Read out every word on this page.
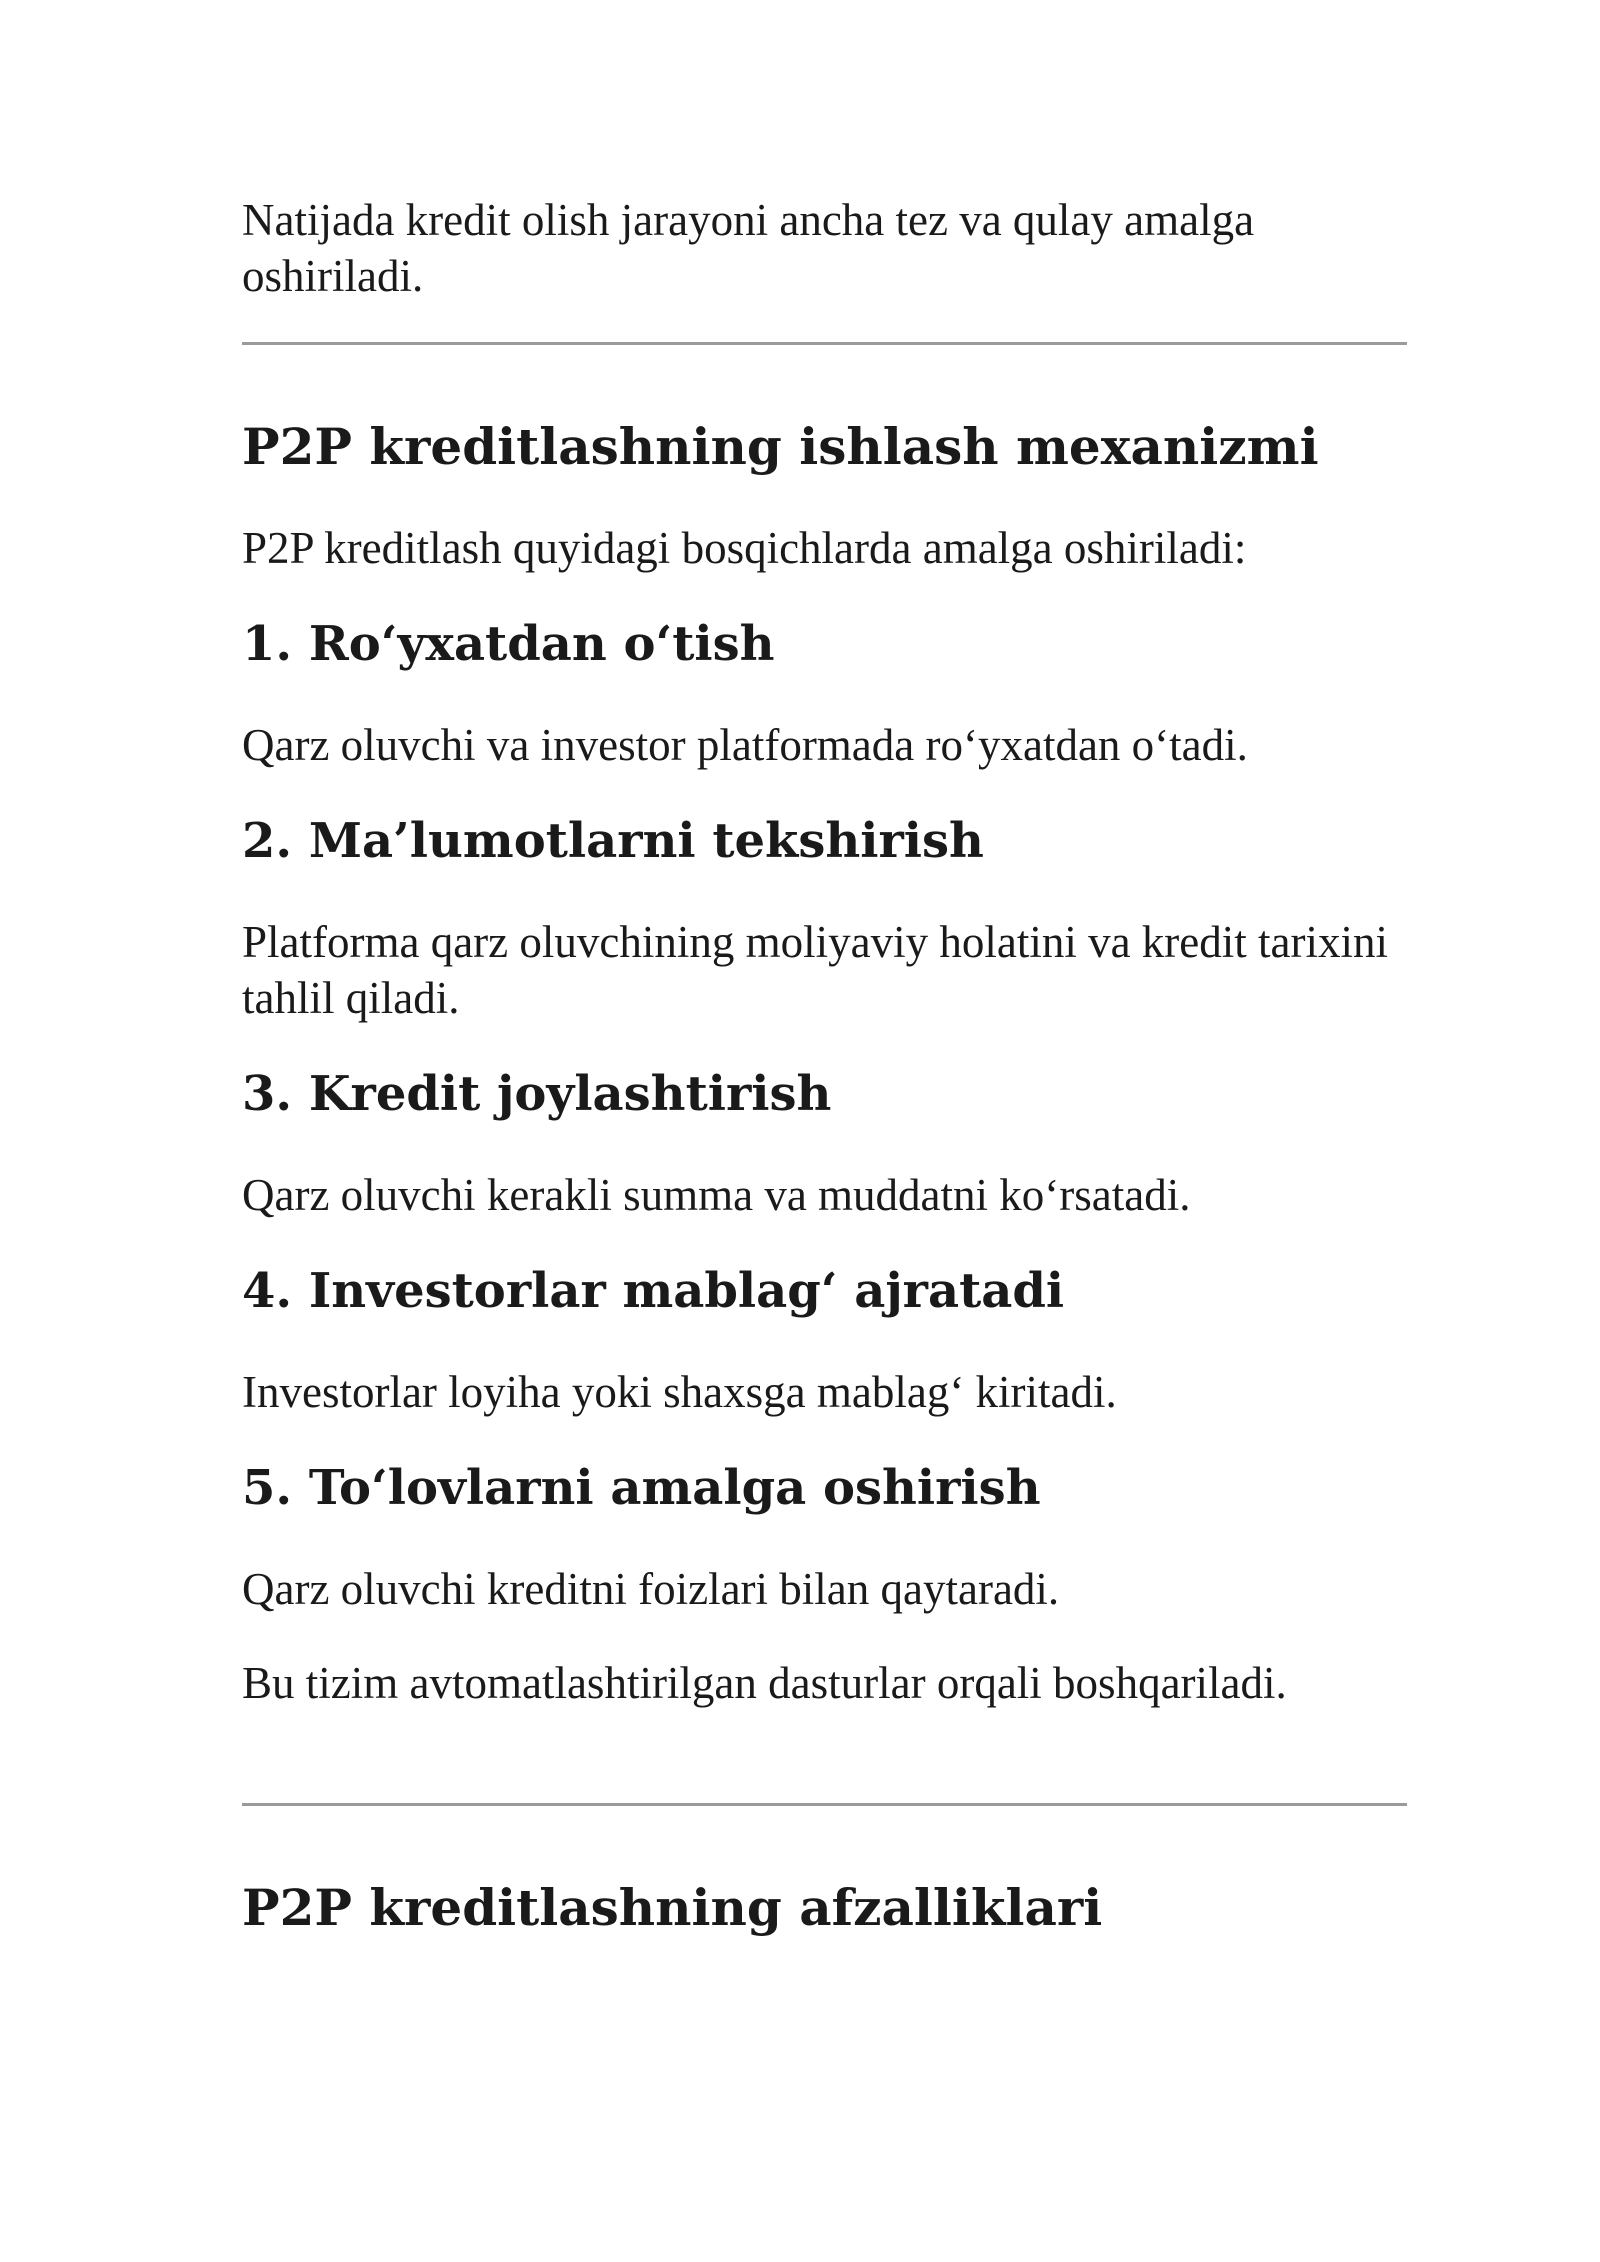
Natijada kredit olish jarayoni ancha tez va qulay amalga oshiriladi.

P2P kreditlashning ishlash mexanizmi

P2P kreditlash quyidagi bosqichlarda amalga oshiriladi:

1. Ro‘yxatdan o‘tish

Qarz oluvchi va investor platformada ro‘yxatdan o‘tadi.

2. Ma’lumotlarni tekshirish

Platforma qarz oluvchining moliyaviy holatini va kredit tarixini tahlil qiladi.

3. Kredit joylashtirish

Qarz oluvchi kerakli summa va muddatni ko‘rsatadi.

4. Investorlar mablag‘ ajratadi

Investorlar loyiha yoki shaxsga mablag‘ kiritadi.

5. To‘lovlarni amalga oshirish

Qarz oluvchi kreditni foizlari bilan qaytaradi.

Bu tizim avtomatlashtirilgan dasturlar orqali boshqariladi.

P2P kreditlashning afzalliklari
